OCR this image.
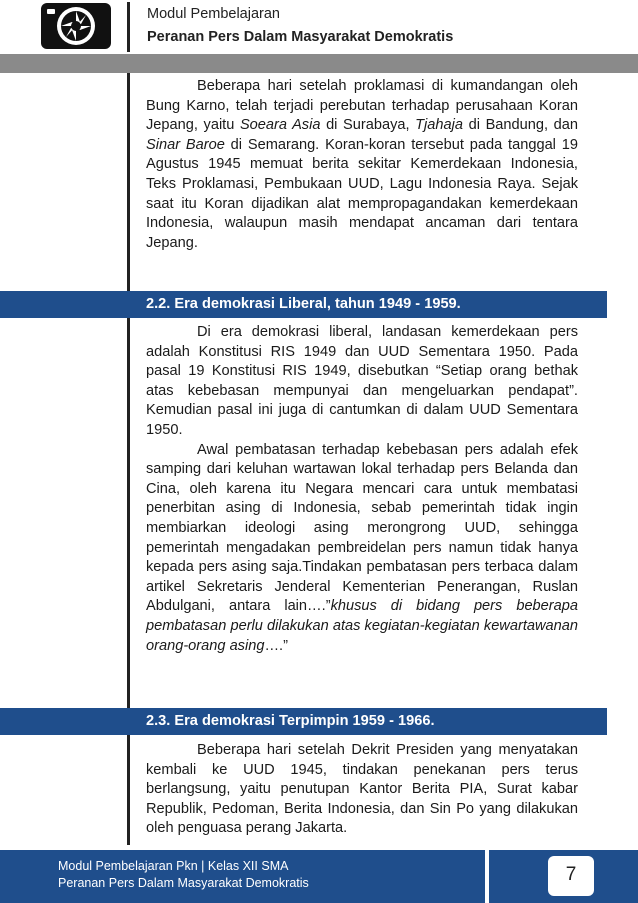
Modul Pembelajaran
Peranan Pers Dalam Masyarakat Demokratis

Beberapa hari setelah proklamasi di kumandangan oleh Bung Karno, telah terjadi perebutan terhadap perusahaan Koran Jepang, yaitu Soeara Asia di Surabaya, Tjahaja di Bandung, dan Sinar Baroe di Semarang. Koran-koran tersebut pada tanggal 19 Agustus 1945 memuat berita sekitar Kemerdekaan Indonesia, Teks Proklamasi, Pembukaan UUD, Lagu Indonesia Raya. Sejak saat itu Koran dijadikan alat mempropagandakan kemerdekaan Indonesia, walaupun masih mendapat ancaman dari tentara Jepang.

2.2. Era demokrasi Liberal, tahun 1949 - 1959.

Di era demokrasi liberal, landasan kemerdekaan pers adalah Konstitusi RIS 1949 dan UUD Sementara 1950. Pada pasal 19 Konstitusi RIS 1949, disebutkan “Setiap orang bethak atas kebebasan mempunyai dan mengeluarkan pendapat”. Kemudian pasal ini juga di cantumkan di dalam UUD Sementara 1950.

Awal pembatasan terhadap kebebasan pers adalah efek samping dari keluhan wartawan lokal terhadap pers Belanda dan Cina, oleh karena itu Negara mencari cara untuk membatasi penerbitan asing di Indonesia, sebab pemerintah tidak ingin membiarkan ideologi asing merongrong UUD, sehingga pemerintah mengadakan pembreidelan pers namun tidak hanya kepada pers asing saja.Tindakan pembatasan pers terbaca dalam artikel Sekretaris Jenderal Kementerian Penerangan, Ruslan Abdulgani, antara lain….”khusus di bidang pers beberapa pembatasan perlu dilakukan atas kegiatan-kegiatan kewartawanan orang-orang asing….”

2.3. Era demokrasi Terpimpin 1959 - 1966.

Beberapa hari setelah Dekrit Presiden yang menyatakan kembali ke UUD 1945, tindakan penekanan pers terus berlangsung, yaitu penutupan Kantor Berita PIA, Surat kabar Republik, Pedoman, Berita Indonesia, dan Sin Po yang dilakukan oleh penguasa perang Jakarta.

Modul Pembelajaran Pkn | Kelas XII SMA
Peranan Pers Dalam Masyarakat Demokratis	7
